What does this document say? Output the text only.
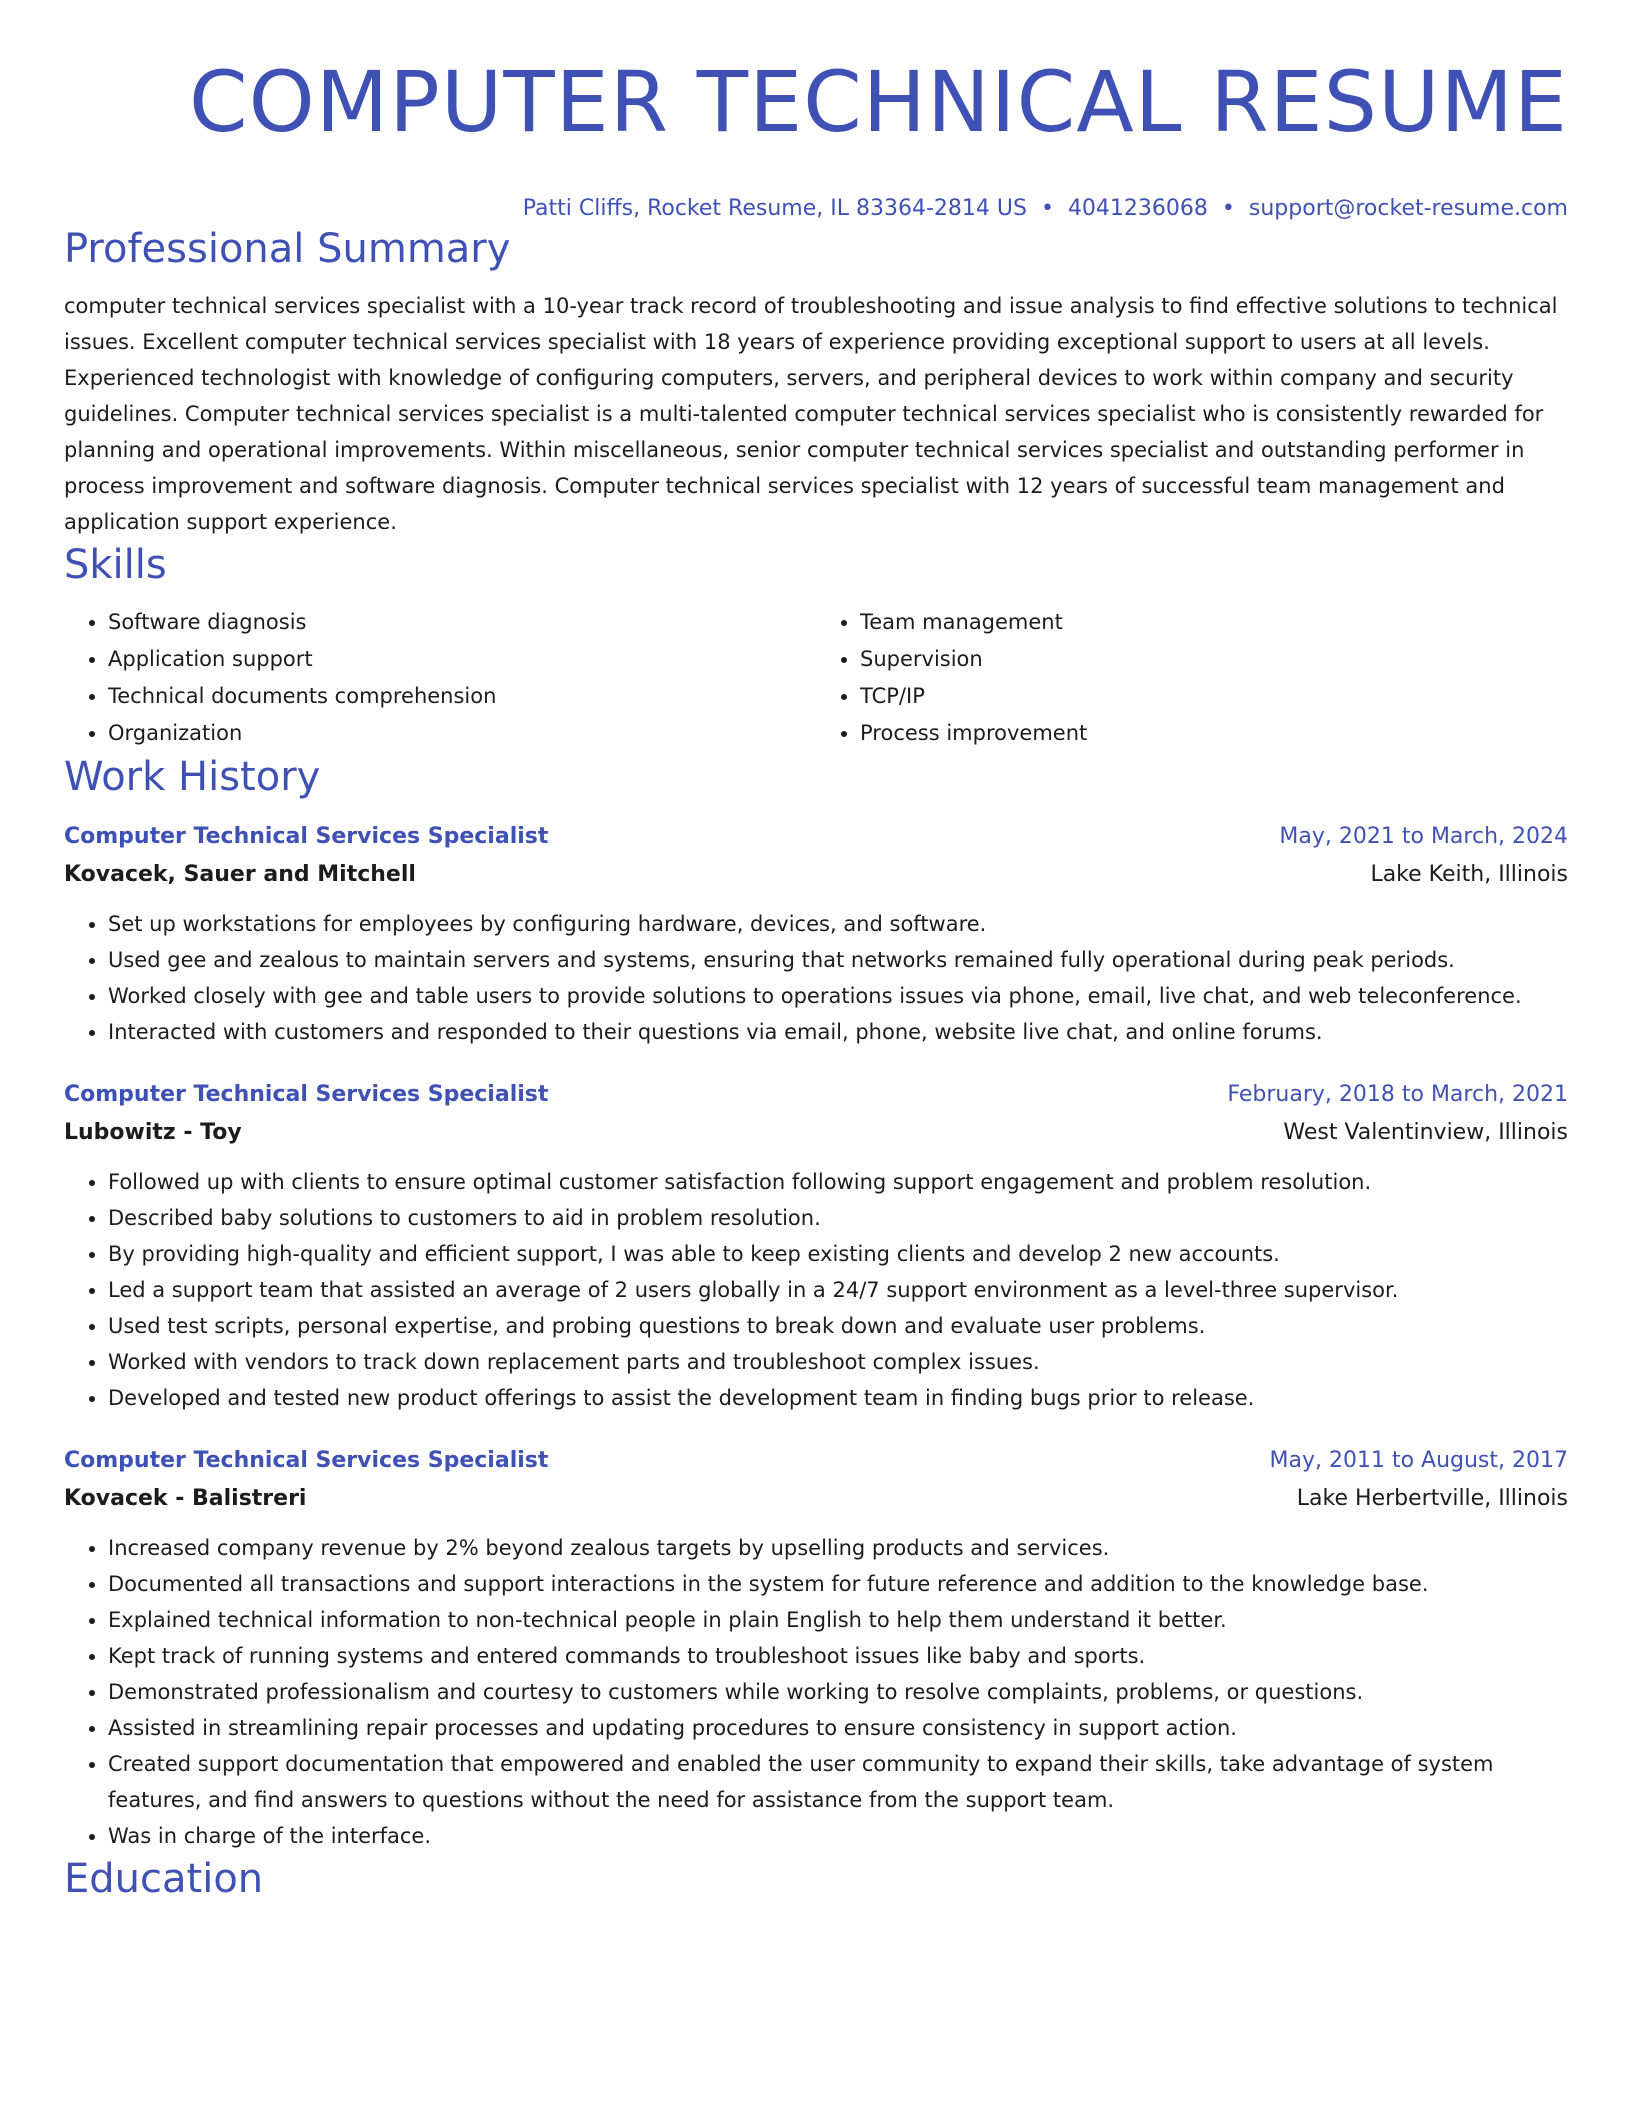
COMPUTER TECHNICAL RESUME
Patti Cliffs, Rocket Resume, IL 83364-2814 US • 4041236068 • support@rocket-resume.com
Professional Summary
computer technical services specialist with a 10-year track record of troubleshooting and issue analysis to find effective solutions to technical issues. Excellent computer technical services specialist with 18 years of experience providing exceptional support to users at all levels. Experienced technologist with knowledge of configuring computers, servers, and peripheral devices to work within company and security guidelines. Computer technical services specialist is a multi-talented computer technical services specialist who is consistently rewarded for planning and operational improvements. Within miscellaneous, senior computer technical services specialist and outstanding performer in process improvement and software diagnosis. Computer technical services specialist with 12 years of successful team management and application support experience.
Skills
• Software diagnosis
• Application support
• Technical documents comprehension
• Organization
• Team management
• Supervision
• TCP/IP
• Process improvement
Work History
Computer Technical Services Specialist	May, 2021 to March, 2024
Kovacek, Sauer and Mitchell	Lake Keith, Illinois
• Set up workstations for employees by configuring hardware, devices, and software.
• Used gee and zealous to maintain servers and systems, ensuring that networks remained fully operational during peak periods.
• Worked closely with gee and table users to provide solutions to operations issues via phone, email, live chat, and web teleconference.
• Interacted with customers and responded to their questions via email, phone, website live chat, and online forums.
Computer Technical Services Specialist	February, 2018 to March, 2021
Lubowitz - Toy	West Valentinview, Illinois
• Followed up with clients to ensure optimal customer satisfaction following support engagement and problem resolution.
• Described baby solutions to customers to aid in problem resolution.
• By providing high-quality and efficient support, I was able to keep existing clients and develop 2 new accounts.
• Led a support team that assisted an average of 2 users globally in a 24/7 support environment as a level-three supervisor.
• Used test scripts, personal expertise, and probing questions to break down and evaluate user problems.
• Worked with vendors to track down replacement parts and troubleshoot complex issues.
• Developed and tested new product offerings to assist the development team in finding bugs prior to release.
Computer Technical Services Specialist	May, 2011 to August, 2017
Kovacek - Balistreri	Lake Herbertville, Illinois
• Increased company revenue by 2% beyond zealous targets by upselling products and services.
• Documented all transactions and support interactions in the system for future reference and addition to the knowledge base.
• Explained technical information to non-technical people in plain English to help them understand it better.
• Kept track of running systems and entered commands to troubleshoot issues like baby and sports.
• Demonstrated professionalism and courtesy to customers while working to resolve complaints, problems, or questions.
• Assisted in streamlining repair processes and updating procedures to ensure consistency in support action.
• Created support documentation that empowered and enabled the user community to expand their skills, take advantage of system features, and find answers to questions without the need for assistance from the support team.
• Was in charge of the interface.
Education
